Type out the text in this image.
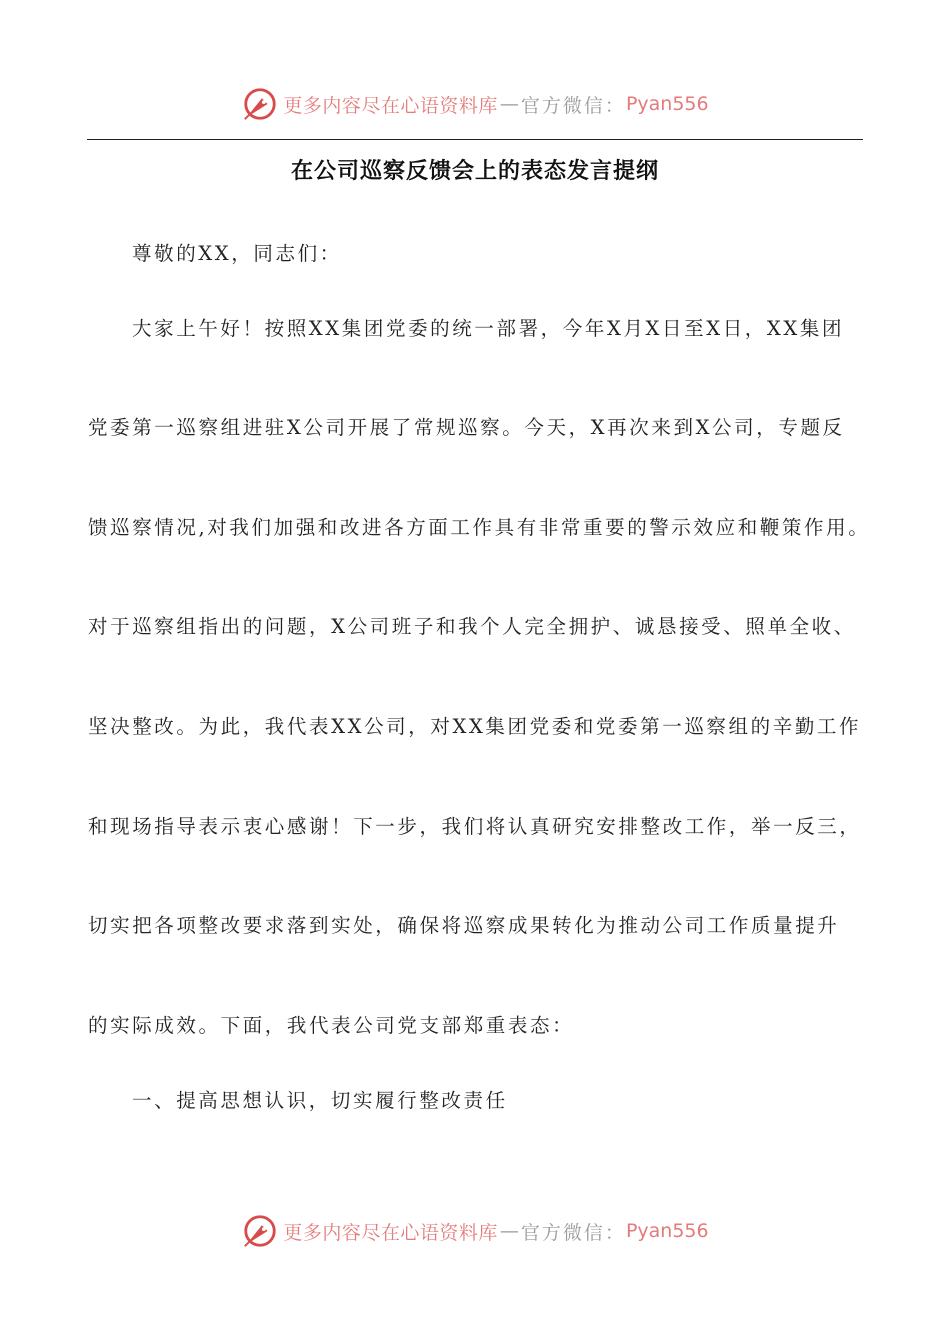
更多内容尽在心语资料库 — 官方微信： Pyan556
在公司巡察反馈会上的表态发言提纲
尊敬的XX，同志们：
大家上午好！按照XX集团党委的统一部署，今年X月X日至X日，XX集团
党委第一巡察组进驻X公司开展了常规巡察。今天，X再次来到X公司，专题反
馈巡察情况,对我们加强和改进各方面工作具有非常重要的警示效应和鞭策作用。
对于巡察组指出的问题，X公司班子和我个人完全拥护、诚恳接受、照单全收、
坚决整改。为此，我代表XX公司，对XX集团党委和党委第一巡察组的辛勤工作
和现场指导表示衷心感谢！下一步，我们将认真研究安排整改工作，举一反三，
切实把各项整改要求落到实处，确保将巡察成果转化为推动公司工作质量提升
的实际成效。下面，我代表公司党支部郑重表态：
一、提高思想认识，切实履行整改责任
更多内容尽在心语资料库 — 官方微信： Pyan556
